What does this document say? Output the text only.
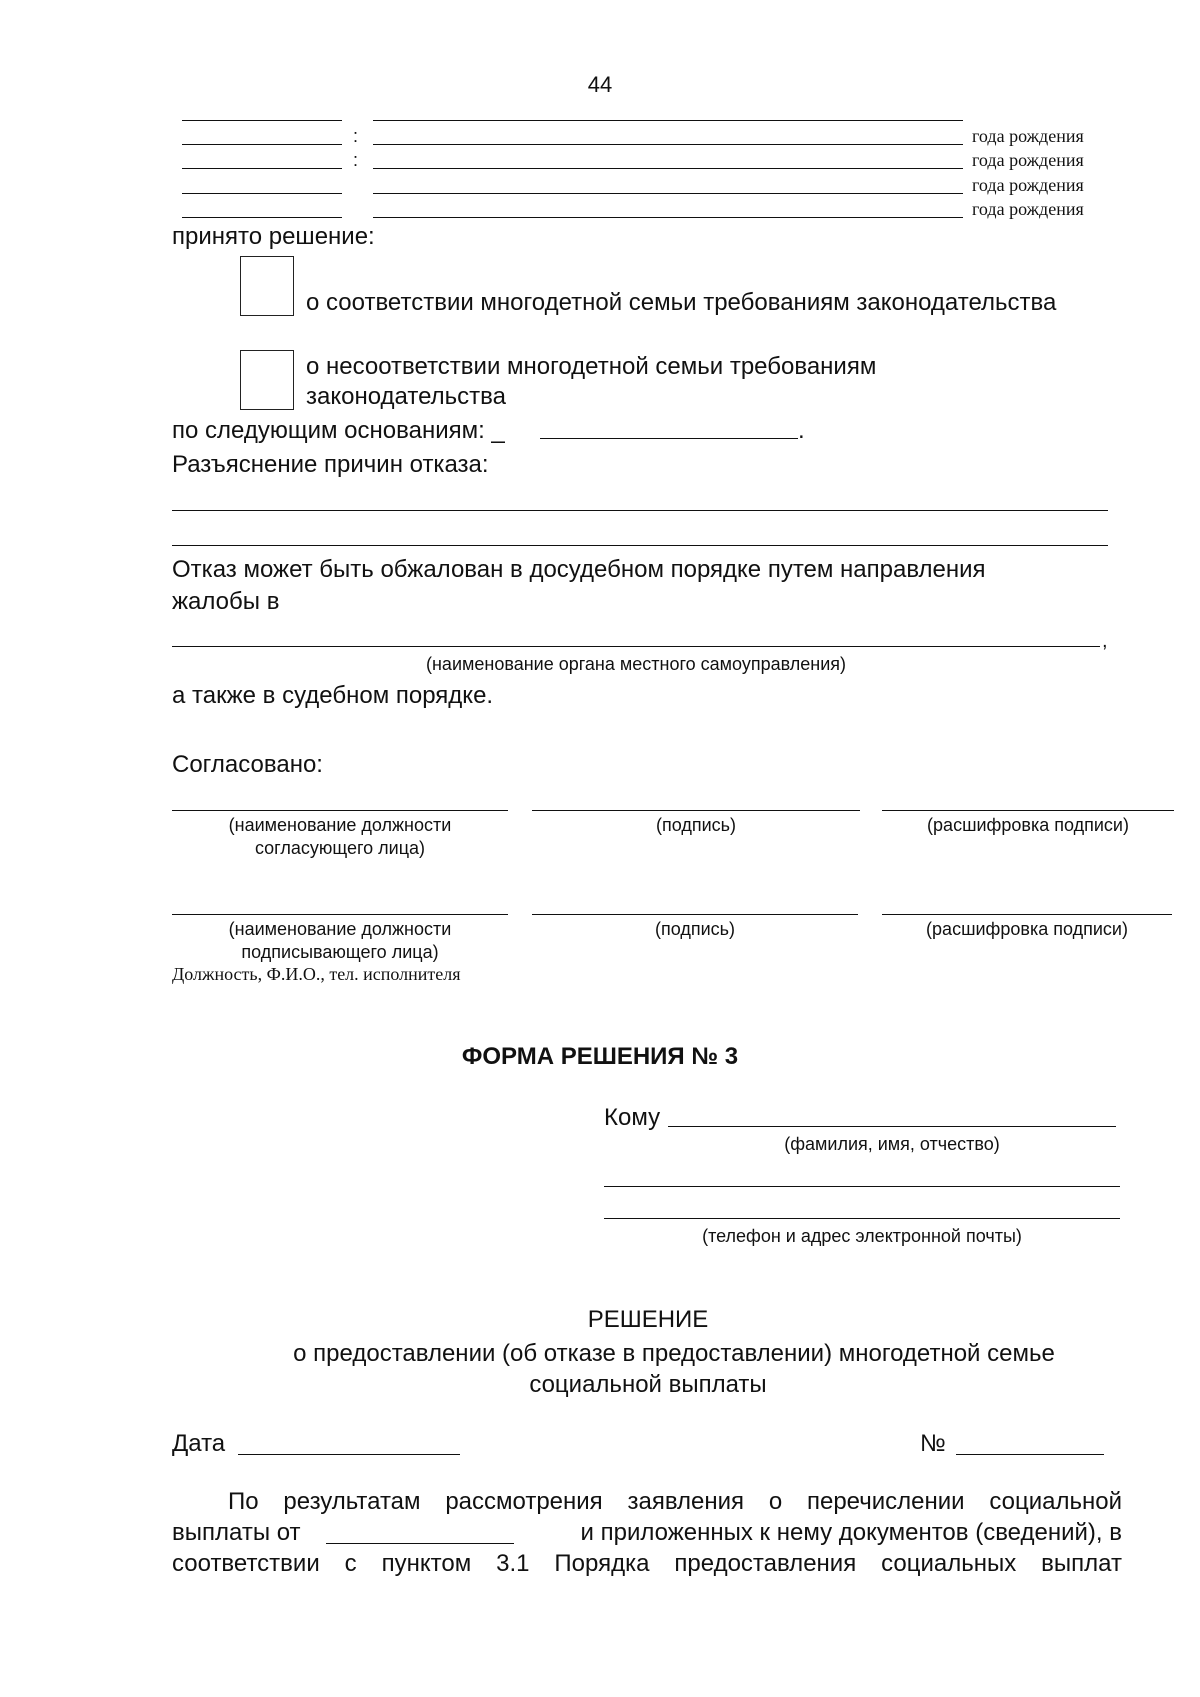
44
:	года рождения
:	года рождения
года рождения
года рождения
принято решение:
о соответствии многодетной семьи требованиям законодательства
о несоответствии многодетной семьи требованиям
законодательства
по следующим основаниям: _	.
Разъяснение причин отказа:
Отказ может быть обжалован в досудебном порядке путем направления
жалобы в
,
(наименование органа местного самоуправления)
а также в судебном порядке.
Согласовано:
(наименование должности
согласующего лица)
(подпись)	(расшифровка подписи)
(наименование должности
подписывающего лица)
(подпись)	(расшифровка подписи)
Должность, Ф.И.О., тел. исполнителя
ФОРМА РЕШЕНИЯ № 3
Кому
(фамилия, имя, отчество)
(телефон и адрес электронной почты)
РЕШЕНИЕ
о предоставлении (об отказе в предоставлении) многодетной семье
социальной выплаты
Дата	№
По результатам рассмотрения заявления о перечислении социальной
выплаты от	и приложенных к нему документов (сведений), в
соответствии с пунктом 3.1 Порядка предоставления социальных выплат
